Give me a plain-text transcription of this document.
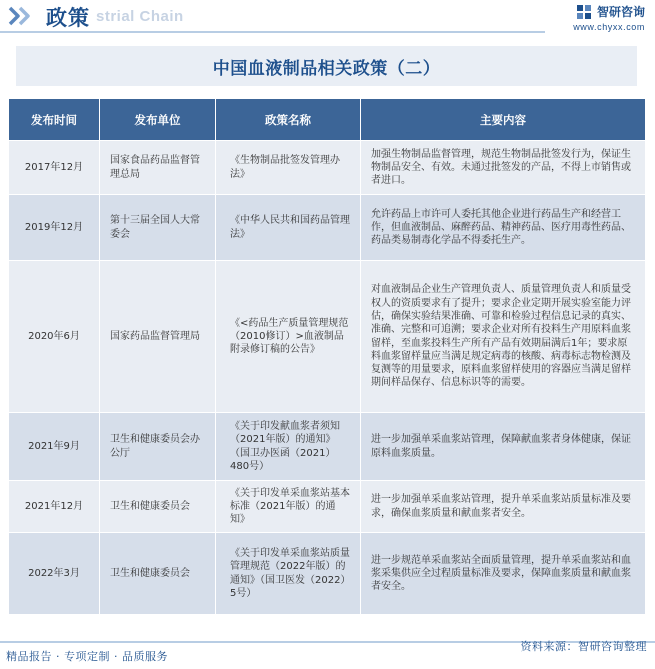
strial Chain
政策	智研咨询
www.chyxx.com
中国血液制品相关政策（二）
发布时间	发布单位	政策名称	主要内容
2017年12月	国家食品药品监督管理总局	《生物制品批签发管理办法》	加强生物制品监督管理，规范生物制品批签发行为，保证生物制品安全、有效。未通过批签发的产品，不得上市销售或者进口。
2019年12月	第十三届全国人大常委会	《中华人民共和国药品管理法》	允许药品上市许可人委托其他企业进行药品生产和经营工作，但血液制品、麻醉药品、精神药品、医疗用毒性药品、药品类易制毒化学品不得委托生产。
2020年6月	国家药品监督管理局	《<药品生产质量管理规范（2010修订）>血液制品附录修订稿的公告》	对血液制品企业生产管理负责人、质量管理负责人和质量受权人的资质要求有了提升；要求企业定期开展实验室能力评估，确保实验结果准确、可靠和检验过程信息记录的真实、准确、完整和可追溯；要求企业对所有投料生产用原料血浆留样，至血浆投料生产所有产品有效期届满后1年；要求原料血浆留样量应当满足规定病毒的核酸、病毒标志物检测及复测等的用量要求，原料血浆留样使用的容器应当满足留样期间样品保存、信息标识等的需要。
2021年9月	卫生和健康委员会办公厅	《关于印发献血浆者须知（2021年版）的通知》（国卫办医函（2021）480号）	进一步加强单采血浆站管理，保障献血浆者身体健康，保证原料血浆质量。
2021年12月	卫生和健康委员会	《关于印发单采血浆站基本标准（2021年版）的通知》	进一步加强单采血浆站管理，提升单采血浆站质量标准及要求，确保血浆质量和献血浆者安全。
2022年3月	卫生和健康委员会	《关于印发单采血浆站质量管理规范（2022年版）的通知》（国卫医发（2022）5号）	进一步规范单采血浆站全面质量管理，提升单采血浆站和血浆采集供应全过程质量标准及要求，保障血浆质量和献血浆者安全。
精品报告 · 专项定制 · 品质服务
资料来源：智研咨询整理
